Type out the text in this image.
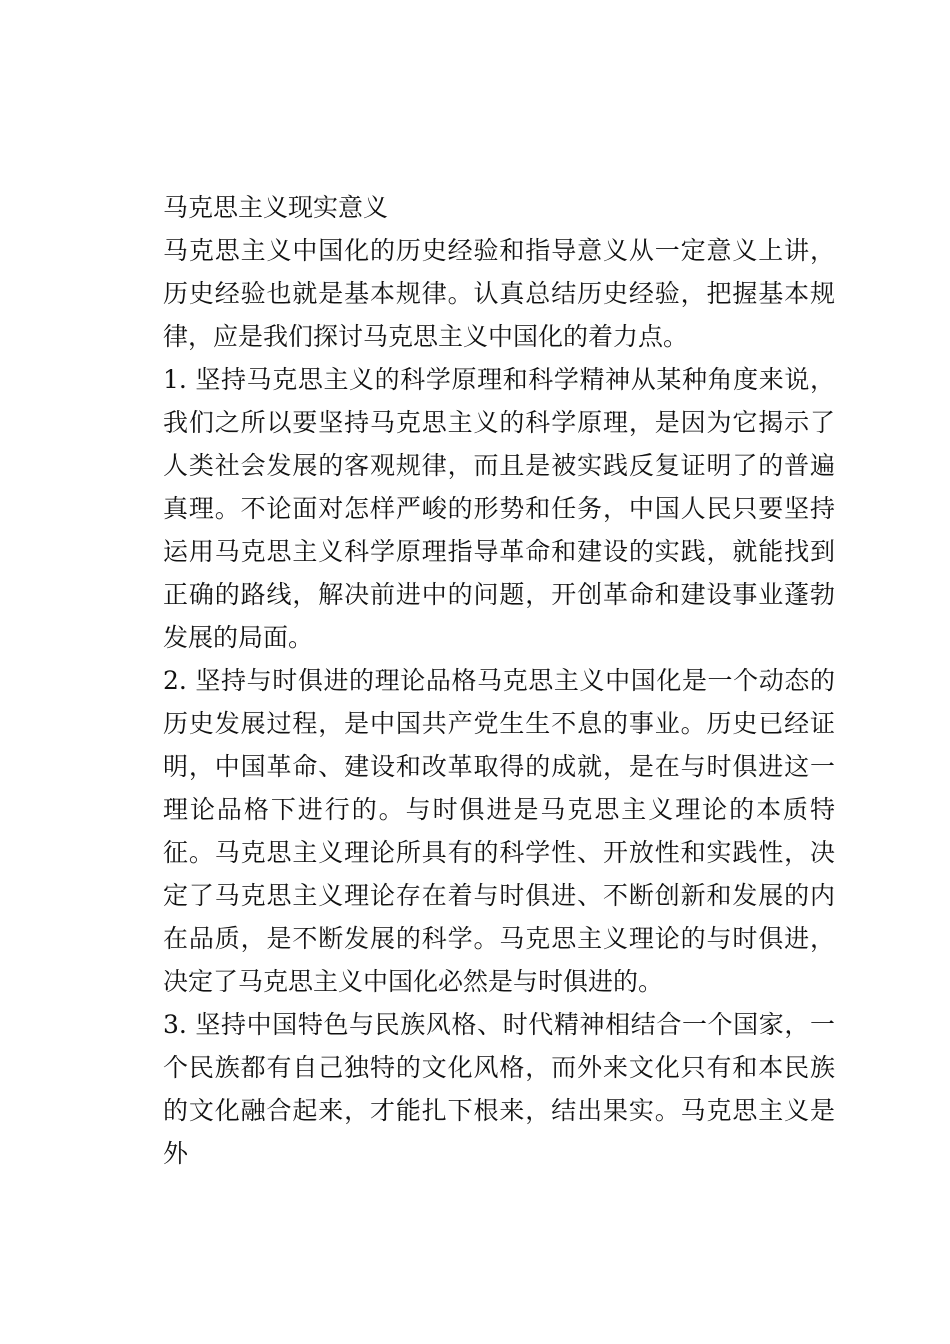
马克思主义现实意义

马克思主义中国化的历史经验和指导意义从一定意义上讲，历史经验也就是基本规律。认真总结历史经验，把握基本规律，应是我们探讨马克思主义中国化的着力点。

1. 坚持马克思主义的科学原理和科学精神从某种角度来说，我们之所以要坚持马克思主义的科学原理，是因为它揭示了人类社会发展的客观规律，而且是被实践反复证明了的普遍真理。不论面对怎样严峻的形势和任务，中国人民只要坚持运用马克思主义科学原理指导革命和建设的实践，就能找到正确的路线，解决前进中的问题，开创革命和建设事业蓬勃发展的局面。

2. 坚持与时俱进的理论品格马克思主义中国化是一个动态的历史发展过程，是中国共产党生生不息的事业。历史已经证明，中国革命、建设和改革取得的成就，是在与时俱进这一理论品格下进行的。与时俱进是马克思主义理论的本质特征。马克思主义理论所具有的科学性、开放性和实践性，决定了马克思主义理论存在着与时俱进、不断创新和发展的内在品质，是不断发展的科学。马克思主义理论的与时俱进，决定了马克思主义中国化必然是与时俱进的。

3. 坚持中国特色与民族风格、时代精神相结合一个国家，一个民族都有自己独特的文化风格，而外来文化只有和本民族的文化融合起来，才能扎下根来，结出果实。马克思主义是外
